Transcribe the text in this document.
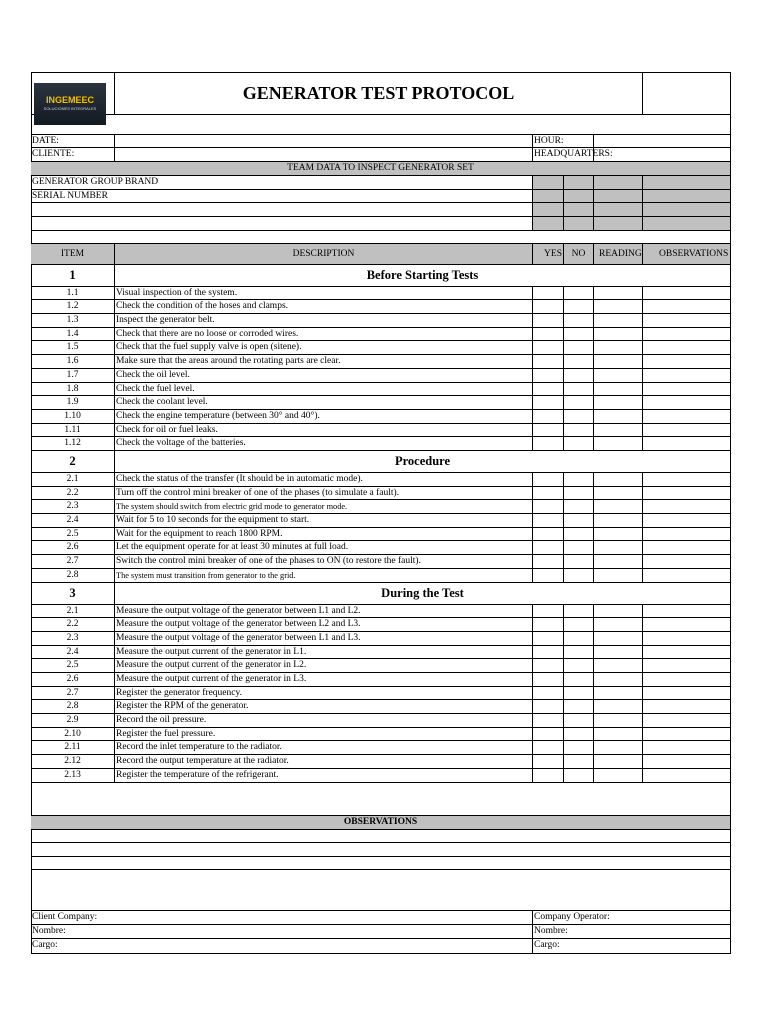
INGEMEEC
SOLUCIONES INTEGRALES
GENERATOR TEST PROTOCOL
DATE:	HOUR:
CLIENTE:	HEADQUARTERS:
TEAM DATA TO INSPECT GENERATOR SET
GENERATOR GROUP BRAND
SERIAL NUMBER
ITEM	DESCRIPTION	YES	NO	READING	OBSERVATIONS
1	Before Starting Tests
1.1	Visual inspection of the system.
1.2	Check the condition of the hoses and clamps.
1.3	Inspect the generator belt.
1.4	Check that there are no loose or corroded wires.
1.5	Check that the fuel supply valve is open (sitene).
1.6	Make sure that the areas around the rotating parts are clear.
1.7	Check the oil level.
1.8	Check the fuel level.
1.9	Check the coolant level.
1.10	Check the engine temperature (between 30° and 40°).
1.11	Check for oil or fuel leaks.
1.12	Check the voltage of the batteries.
2	Procedure
2.1	Check the status of the transfer (It should be in automatic mode).
2.2	Turn off the control mini breaker of one of the phases (to simulate a fault).
2.3	The system should switch from electric grid mode to generator mode.
2.4	Wait for 5 to 10 seconds for the equipment to start.
2.5	Wait for the equipment to reach 1800 RPM.
2.6	Let the equipment operate for at least 30 minutes at full load.
2.7	Switch the control mini breaker of one of the phases to ON (to restore the fault).
2.8	The system must transition from generator to the grid.
3	During the Test
2.1	Measure the output voltage of the generator between L1 and L2.
2.2	Measure the output voltage of the generator between L2 and L3.
2.3	Measure the output voltage of the generator between L1 and L3.
2.4	Measure the output current of the generator in L1.
2.5	Measure the output current of the generator in L2.
2.6	Measure the output current of the generator in L3.
2.7	Register the generator frequency.
2.8	Register the RPM of the generator.
2.9	Record the oil pressure.
2.10	Register the fuel pressure.
2.11	Record the inlet temperature to the radiator.
2.12	Record the output temperature at the radiator.
2.13	Register the temperature of the refrigerant.
OBSERVATIONS
Client Company:	Company Operator:
Nombre:	Nombre:
Cargo:	Cargo:
